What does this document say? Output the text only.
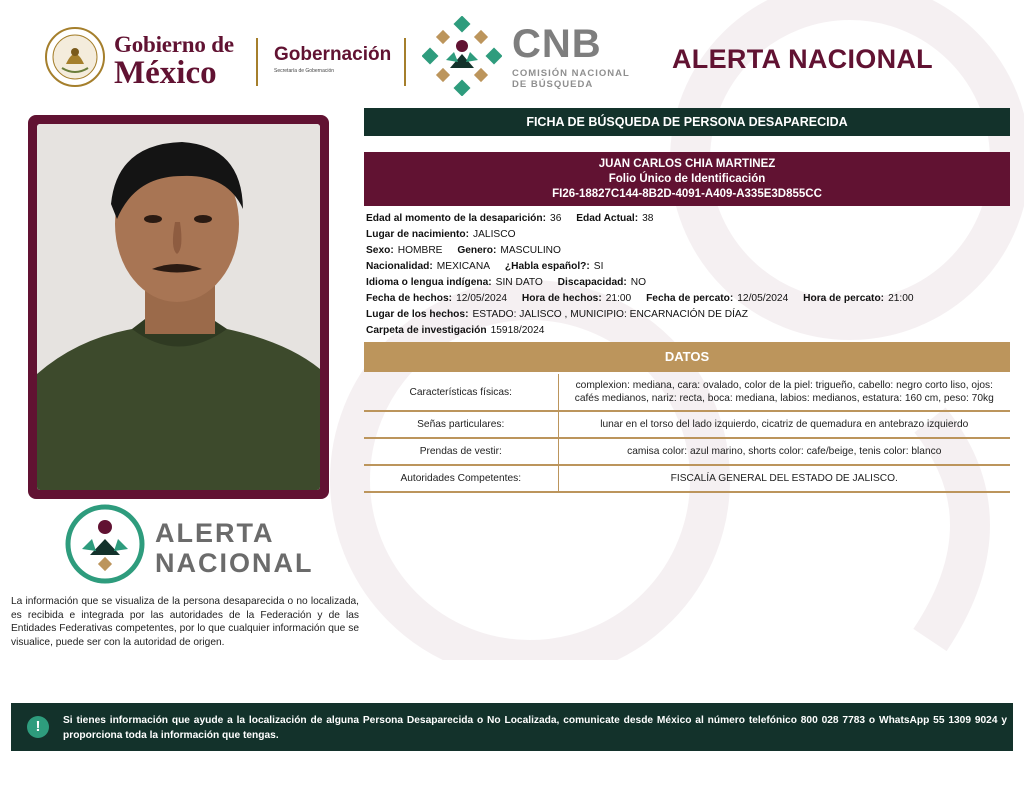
Gobierno de
México
Gobernación
Secretaría de Gobernación
CNB
COMISIÓN NACIONAL
DE BÚSQUEDA
ALERTA NACIONAL
ALERTA
NACIONAL
La información que se visualiza de la persona desaparecida o no localizada, es recibida e integrada por las autoridades de la Federación y de las Entidades Federativas competentes, por lo que cualquier información que se visualice, puede ser con la autoridad de origen.
FICHA DE BÚSQUEDA DE PERSONA DESAPARECIDA
JUAN CARLOS CHIA MARTINEZ
Folio Único de Identificación
FI26-18827C144-8B2D-4091-A409-A335E3D855CC
Edad al momento de la desaparición: 36 Edad Actual: 38
Lugar de nacimiento: JALISCO
Sexo: HOMBRE Genero: MASCULINO
Nacionalidad: MEXICANA ¿Habla español?: SI
Idioma o lengua indígena: SIN DATO Discapacidad: NO
Fecha de hechos: 12/05/2024 Hora de hechos: 21:00 Fecha de percato: 12/05/2024 Hora de percato: 21:00
Lugar de los hechos: ESTADO: JALISCO , MUNICIPIO: ENCARNACIÓN DE DÍAZ
Carpeta de investigación 15918/2024
DATOS
Características físicas:	complexion: mediana, cara: ovalado, color de la piel: trigueño, cabello: negro corto liso, ojos: cafés medianos, nariz: recta, boca: mediana, labios: medianos, estatura: 160 cm, peso: 70kg
Señas particulares:	lunar en el torso del lado izquierdo, cicatriz de quemadura en antebrazo izquierdo
Prendas de vestir:	camisa color: azul marino, shorts color: cafe/beige, tenis color: blanco
Autoridades Competentes:	FISCALÍA GENERAL DEL ESTADO DE JALISCO.
!	Si tienes información que ayude a la localización de alguna Persona Desaparecida o No Localizada, comunicate desde México al número telefónico 800 028 7783 o WhatsApp 55 1309 9024 y proporciona toda la información que tengas.
